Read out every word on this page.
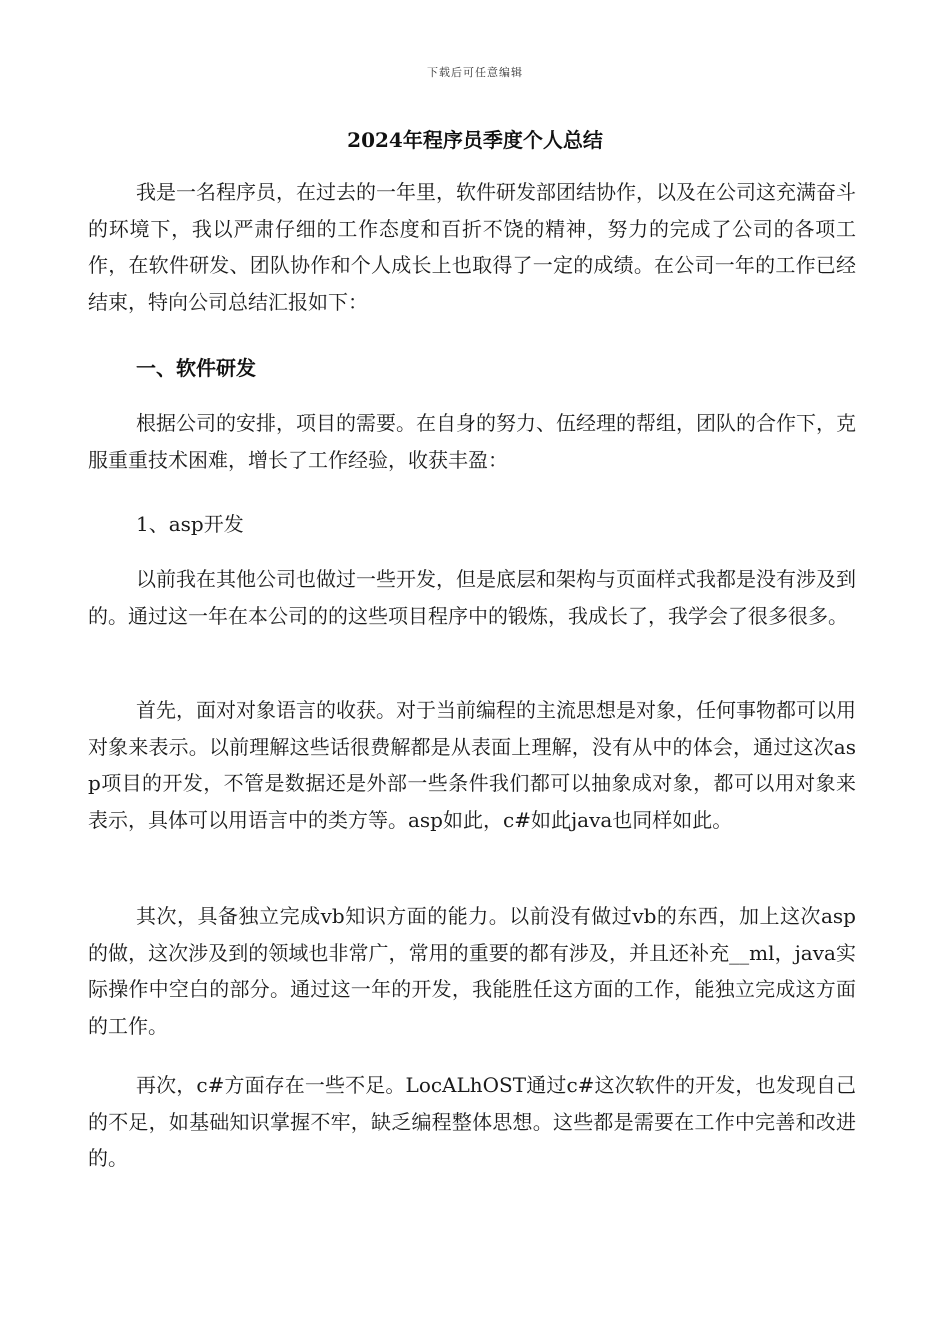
下载后可任意编辑
2024年程序员季度个人总结
我是一名程序员，在过去的一年里，软件研发部团结协作，以及在公司这充满奋斗的环境下，我以严肃仔细的工作态度和百折不饶的精神，努力的完成了公司的各项工作，在软件研发、团队协作和个人成长上也取得了一定的成绩。在公司一年的工作已经结束，特向公司总结汇报如下：
一、软件研发
根据公司的安排，项目的需要。在自身的努力、伍经理的帮组，团队的合作下，克服重重技术困难，增长了工作经验，收获丰盈：
1、asp开发
以前我在其他公司也做过一些开发，但是底层和架构与页面样式我都是没有涉及到的。通过这一年在本公司的的这些项目程序中的锻炼，我成长了，我学会了很多很多。
首先，面对对象语言的收获。对于当前编程的主流思想是对象，任何事物都可以用对象来表示。以前理解这些话很费解都是从表面上理解，没有从中的体会，通过这次asp项目的开发，不管是数据还是外部一些条件我们都可以抽象成对象，都可以用对象来表示，具体可以用语言中的类方等。asp如此，c#如此java也同样如此。
其次，具备独立完成vb知识方面的能力。以前没有做过vb的东西，加上这次asp的做，这次涉及到的领域也非常广，常用的重要的都有涉及，并且还补充__ml，java实际操作中空白的部分。通过这一年的开发，我能胜任这方面的工作，能独立完成这方面的工作。
再次，c#方面存在一些不足。LocALhOST通过c#这次软件的开发，也发现自己的不足，如基础知识掌握不牢，缺乏编程整体思想。这些都是需要在工作中完善和改进的。
